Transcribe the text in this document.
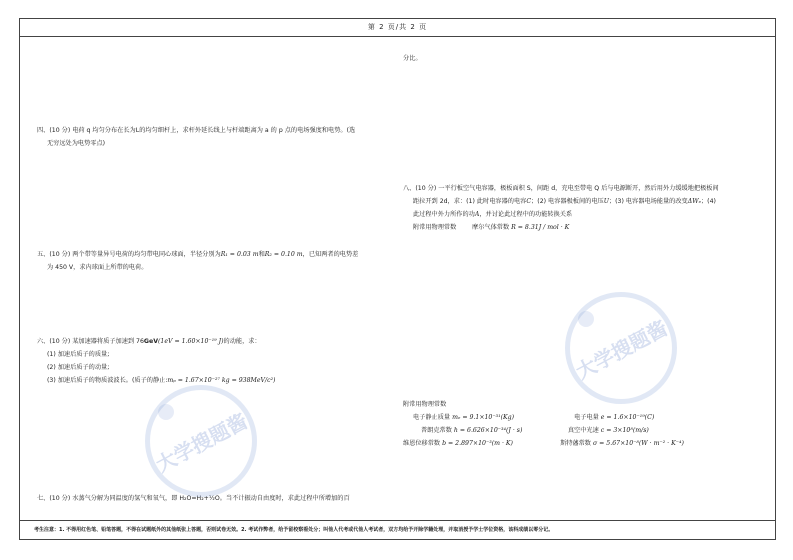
第 2 页/共 2 页
考生注意：1. 不得用红色笔、铅笔答题，不得在试题纸外的其他纸张上答题，否则试卷无效。2. 考试作弊者，给予留校察看处分；叫他人代考或代他人考试者，双方均给予开除学籍处理，并取消授予学士学位资格，该科成绩以零分记。

四、(10 分) 电荷 q 均匀分布在长为L的均匀细杆上，求杆外延长线上与杆端距离为 a 的 p 点的电场强度和电势。(选

无穷远处为电势零点)

五、(10 分) 两个带等量异号电荷的均匀带电同心球面，半径分别为R₁ = 0.03 m和R₂ = 0.10 m，已知两者的电势差

为 450 V，求内球面上所带的电荷。

六、(10 分) 某加速器将质子加速到 76GeV(1eV = 1.60×10⁻¹⁹ J)的动能，求：

(1) 加速后质子的质量;

(2) 加速后质子的动量;

(3) 加速后质子的物质波波长。(质子的静止:mₚ = 1.67×10⁻²⁷ kg = 938MeV/c²)

七、(10 分) 水蒸气分解为同温度的氢气和氧气，即 H₂O=H₂+½O。当不计振动自由度时，求此过程中所增加的百

分比。

八、(10 分) 一平行板空气电容器，极板面积 S，间距 d，充电至带电 Q 后与电源断开，然后用外力缓缓地把极板间

距拉开到 2d，求：(1) 此时电容器的电容C；(2) 电容器极板间的电压U；(3) 电容器电场能量的改变ΔWₑ；(4)

此过程中外力所作的功A，并讨论此过程中的功能转换关系

附常用物理常数        摩尔气体常数 R = 8.31J / mol · K

附常用物理常数

电子静止质量 mₑ = 9.1×10⁻³¹(Kg)	电子电量 e = 1.6×10⁻¹⁹(C)

普朗克常数 h = 6.626×10⁻³⁴(J · s)	真空中光速 c = 3×10⁸(m/s)

维恩位移常数 b = 2.897×10⁻³(m · K)	斯特藩常数 σ = 5.67×10⁻⁸(W · m⁻² · K⁻⁴)

大学搜题酱
大学搜题酱
